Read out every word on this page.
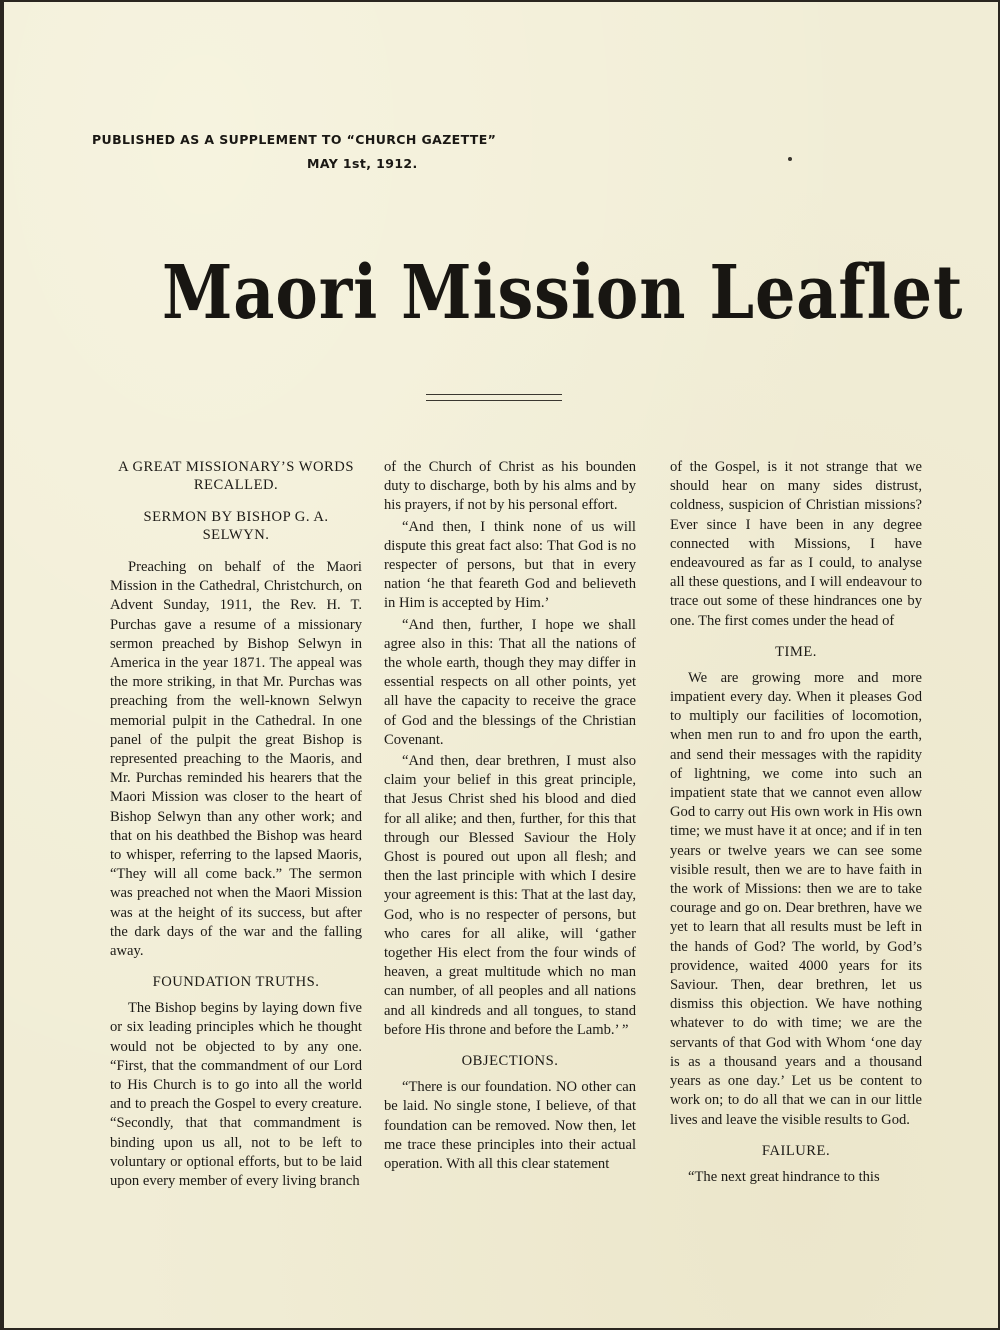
PUBLISHED AS A SUPPLEMENT TO “CHURCH GAZETTE”
MAY 1st, 1912.
Maori Mission Leaflet
A GREAT MISSIONARY’S WORDS RECALLED.
SERMON BY BISHOP G. A. SELWYN.

Preaching on behalf of the Maori Mission in the Cathedral, Christchurch, on Advent Sunday, 1911, the Rev. H. T. Purchas gave a resume of a missionary sermon preached by Bishop Selwyn in America in the year 1871. The appeal was the more striking, in that Mr. Purchas was preaching from the well-known Selwyn memorial pulpit in the Cathedral. In one panel of the pulpit the great Bishop is represented preaching to the Maoris, and Mr. Purchas reminded his hearers that the Maori Mission was closer to the heart of Bishop Selwyn than any other work; and that on his deathbed the Bishop was heard to whisper, referring to the lapsed Maoris, “They will all come back.” The sermon was preached not when the Maori Mission was at the height of its success, but after the dark days of the war and the falling away.

FOUNDATION TRUTHS.

The Bishop begins by laying down five or six leading principles which he thought would not be objected to by any one. “First, that the commandment of our Lord to His Church is to go into all the world and to preach the Gospel to every creature. “Secondly, that that commandment is binding upon us all, not to be left to voluntary or optional efforts, but to be laid upon every member of every living branch

of the Church of Christ as his bounden duty to discharge, both by his alms and by his prayers, if not by his personal effort.

“And then, I think none of us will dispute this great fact also: That God is no respecter of persons, but that in every nation ‘he that feareth God and believeth in Him is accepted by Him.’

“And then, further, I hope we shall agree also in this: That all the nations of the whole earth, though they may differ in essential respects on all other points, yet all have the capacity to receive the grace of God and the blessings of the Christian Covenant.

“And then, dear brethren, I must also claim your belief in this great principle, that Jesus Christ shed his blood and died for all alike; and then, further, for this that through our Blessed Saviour the Holy Ghost is poured out upon all flesh; and then the last principle with which I desire your agreement is this: That at the last day, God, who is no respecter of persons, but who cares for all alike, will ‘gather together His elect from the four winds of heaven, a great multitude which no man can number, of all peoples and all nations and all kindreds and all tongues, to stand before His throne and before the Lamb.’ ”

OBJECTIONS.

“There is our foundation. NO other can be laid. No single stone, I believe, of that foundation can be removed. Now then, let me trace these principles into their actual operation. With all this clear statement

of the Gospel, is it not strange that we should hear on many sides distrust, coldness, suspicion of Christian missions? Ever since I have been in any degree connected with Missions, I have endeavoured as far as I could, to analyse all these questions, and I will endeavour to trace out some of these hindrances one by one. The first comes under the head of

TIME.

We are growing more and more impatient every day. When it pleases God to multiply our facilities of locomotion, when men run to and fro upon the earth, and send their messages with the rapidity of lightning, we come into such an impatient state that we cannot even allow God to carry out His own work in His own time; we must have it at once; and if in ten years or twelve years we can see some visible result, then we are to have faith in the work of Missions: then we are to take courage and go on. Dear brethren, have we yet to learn that all results must be left in the hands of God? The world, by God’s providence, waited 4000 years for its Saviour. Then, dear brethren, let us dismiss this objection. We have nothing whatever to do with time; we are the servants of that God with Whom ‘one day is as a thousand years and a thousand years as one day.’ Let us be content to work on; to do all that we can in our little lives and leave the visible results to God.

FAILURE.

“The next great hindrance to this
